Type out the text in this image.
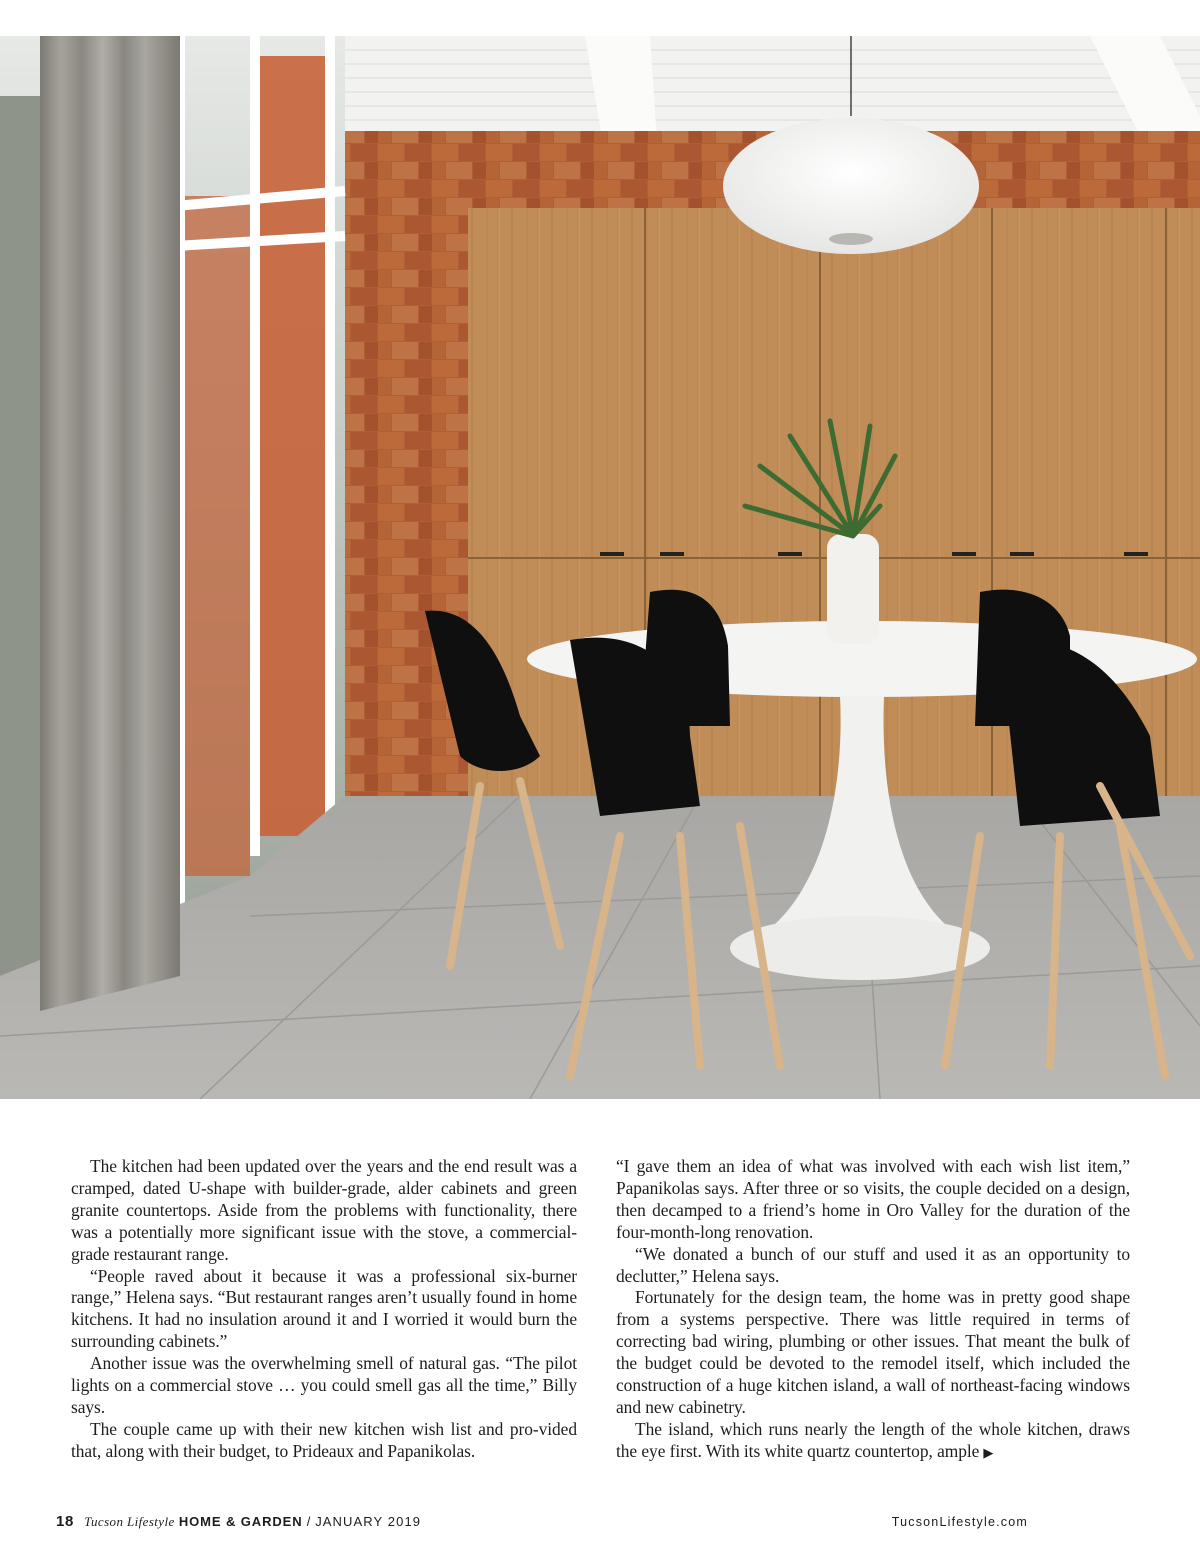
The kitchen had been updated over the years and the end result was a cramped, dated U-shape with builder-grade, alder cabinets and green granite countertops. Aside from the problems with functionality, there was a potentially more significant issue with the stove, a commercial-grade restaurant range.

“People raved about it because it was a professional six-burner range,” Helena says. “But restaurant ranges aren’t usually found in home kitchens. It had no insulation around it and I worried it would burn the surrounding cabinets.”

Another issue was the overwhelming smell of natural gas. “The pilot lights on a commercial stove … you could smell gas all the time,” Billy says.

The couple came up with their new kitchen wish list and pro-vided that, along with their budget, to Prideaux and Papanikolas.

“I gave them an idea of what was involved with each wish list item,” Papanikolas says. After three or so visits, the couple decided on a design, then decamped to a friend’s home in Oro Valley for the duration of the four-month-long renovation.

“We donated a bunch of our stuff and used it as an opportunity to declutter,” Helena says.

Fortunately for the design team, the home was in pretty good shape from a systems perspective. There was little required in terms of correcting bad wiring, plumbing or other issues. That meant the bulk of the budget could be devoted to the remodel itself, which included the construction of a huge kitchen island, a wall of northeast-facing windows and new cabinetry.

The island, which runs nearly the length of the whole kitchen, draws the eye first. With its white quartz countertop, ample ▶

18 Tucson Lifestyle HOME & GARDEN / JANUARY 2019	TucsonLifestyle.com
